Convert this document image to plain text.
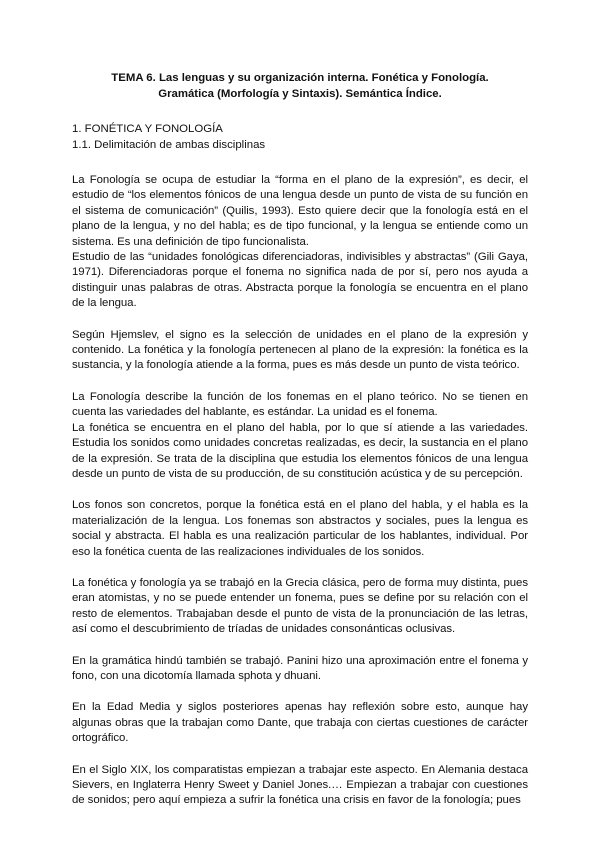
TEMA 6. Las lenguas y su organización interna. Fonética y Fonología.
Gramática (Morfología y Sintaxis). Semántica Índice.

1. FONÉTICA Y FONOLOGÍA

1.1. Delimitación de ambas disciplinas

La Fonología se ocupa de estudiar la “forma en el plano de la expresión”, es decir, el estudio de “los elementos fónicos de una lengua desde un punto de vista de su función en el sistema de comunicación” (Quilis, 1993). Esto quiere decir que la fonología está en el plano de la lengua, y no del habla; es de tipo funcional, y la lengua se entiende como un sistema. Es una definición de tipo funcionalista.

Estudio de las “unidades fonológicas diferenciadoras, indivisibles y abstractas” (Gili Gaya, 1971). Diferenciadoras porque el fonema no significa nada de por sí, pero nos ayuda a distinguir unas palabras de otras. Abstracta porque la fonología se encuentra en el plano de la lengua.

Según Hjemslev, el signo es la selección de unidades en el plano de la expresión y contenido. La fonética y la fonología pertenecen al plano de la expresión: la fonética es la sustancia, y la fonología atiende a la forma, pues es más desde un punto de vista teórico.

La Fonología describe la función de los fonemas en el plano teórico. No se tienen en cuenta las variedades del hablante, es estándar. La unidad es el fonema.

La fonética se encuentra en el plano del habla, por lo que sí atiende a las variedades. Estudia los sonidos como unidades concretas realizadas, es decir, la sustancia en el plano de la expresión. Se trata de la disciplina que estudia los elementos fónicos de una lengua desde un punto de vista de su producción, de su constitución acústica y de su percepción.

Los fonos son concretos, porque la fonética está en el plano del habla, y el habla es la materialización de la lengua. Los fonemas son abstractos y sociales, pues la lengua es social y abstracta. El habla es una realización particular de los hablantes, individual. Por eso la fonética cuenta de las realizaciones individuales de los sonidos.

La fonética y fonología ya se trabajó en la Grecia clásica, pero de forma muy distinta, pues eran atomistas, y no se puede entender un fonema, pues se define por su relación con el resto de elementos. Trabajaban desde el punto de vista de la pronunciación de las letras, así como el descubrimiento de tríadas de unidades consonánticas oclusivas.

En la gramática hindú también se trabajó. Panini hizo una aproximación entre el fonema y fono, con una dicotomía llamada sphota y dhuani.

En la Edad Media y siglos posteriores apenas hay reflexión sobre esto, aunque hay algunas obras que la trabajan como Dante, que trabaja con ciertas cuestiones de carácter ortográfico.

En el Siglo XIX, los comparatistas empiezan a trabajar este aspecto. En Alemania destaca Sievers, en Inglaterra Henry Sweet y Daniel Jones.… Empiezan a trabajar con cuestiones de sonidos; pero aquí empieza a sufrir la fonética una crisis en favor de la fonología; pues
